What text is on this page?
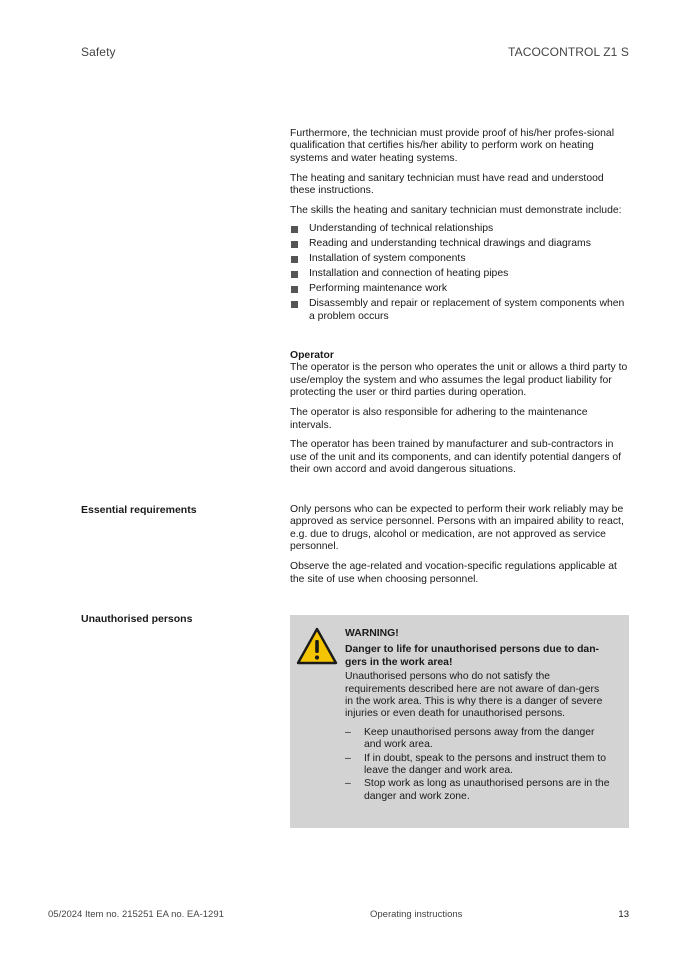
Safety	TACOCONTROL Z1 S

Furthermore, the technician must provide proof of his/her profes-sional qualification that certifies his/her ability to perform work on heating systems and water heating systems.

The heating and sanitary technician must have read and understood these instructions.

The skills the heating and sanitary technician must demonstrate include:

Understanding of technical relationships
Reading and understanding technical drawings and diagrams
Installation of system components
Installation and connection of heating pipes
Performing maintenance work
Disassembly and repair or replacement of system components when a problem occurs
Operator

The operator is the person who operates the unit or allows a third party to use/employ the system and who assumes the legal product liability for protecting the user or third parties during operation.

The operator is also responsible for adhering to the maintenance intervals.

The operator has been trained by manufacturer and sub-contractors in use of the unit and its components, and can identify potential dangers of their own accord and avoid dangerous situations.

Essential requirements	Only persons who can be expected to perform their work reliably may be approved as service personnel. Persons with an impaired ability to react, e.g. due to drugs, alcohol or medication, are not approved as service personnel.

Observe the age-related and vocation-specific regulations applicable at the site of use when choosing personnel.

Unauthorised persons
WARNING!
Danger to life for unauthorised persons due to dan-gers in the work area!

Unauthorised persons who do not satisfy the requirements described here are not aware of dan-gers in the work area. This is why there is a danger of severe injuries or even death for unauthorised persons.

– Keep unauthorised persons away from the danger and work area.
– If in doubt, speak to the persons and instruct them to leave the danger and work area.
– Stop work as long as unauthorised persons are in the danger and work zone.
05/2024 Item no. 215251 EA no. EA-1291	Operating instructions	13
